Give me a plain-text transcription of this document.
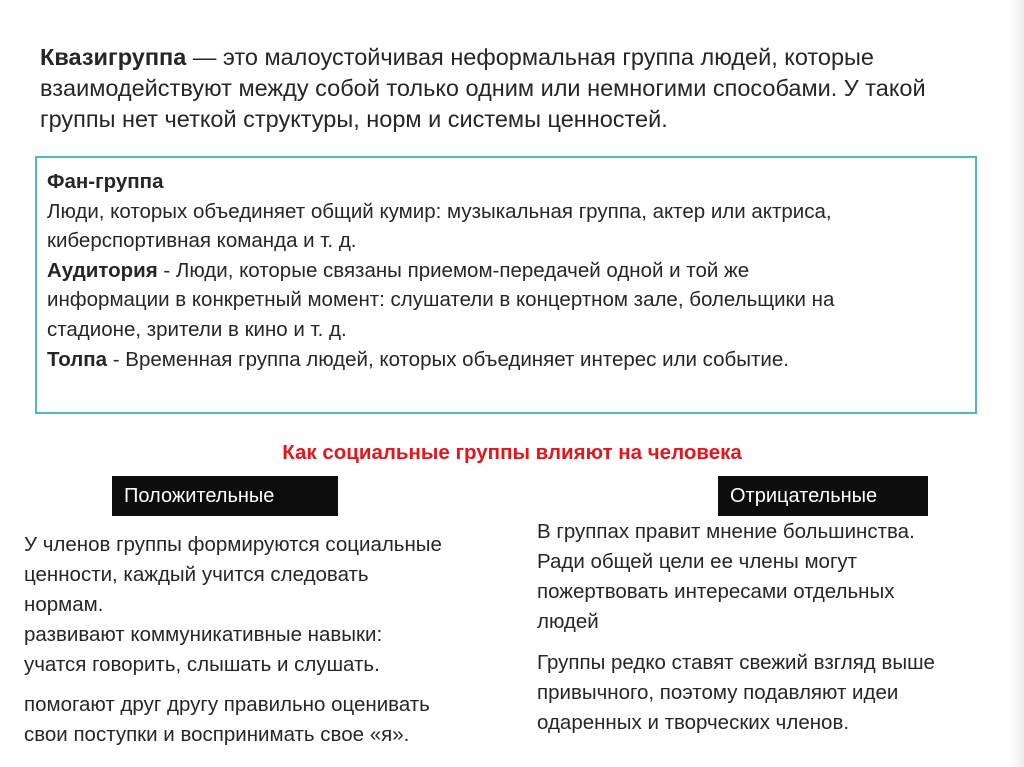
Квазигруппа — это малоустойчивая неформальная группа людей, которые взаимодействуют между собой только одним или немногими способами. У такой группы нет четкой структуры, норм и системы ценностей.

Фан-группа

Люди, которых объединяет общий кумир: музыкальная группа, актер или актриса,

киберспортивная команда и т. д.

Аудитория - Люди, которые связаны приемом-передачей одной и той же

информации в конкретный момент: слушатели в концертном зале, болельщики на

стадионе, зрители в кино и т. д.

Толпа - Временная группа людей, которых объединяет интерес или событие.

Как социальные группы влияют на человека

Положительные	Отрицательные

У членов группы формируются социальные

ценности, каждый учится следовать

нормам.

развивают коммуникативные навыки:

учатся говорить, слышать и слушать.

помогают друг другу правильно оценивать

свои поступки и воспринимать свое «я».

В группах правит мнение большинства.

Ради общей цели ее члены могут

пожертвовать интересами отдельных

людей

Группы редко ставят свежий взгляд выше

привычного, поэтому подавляют идеи

одаренных и творческих членов.
